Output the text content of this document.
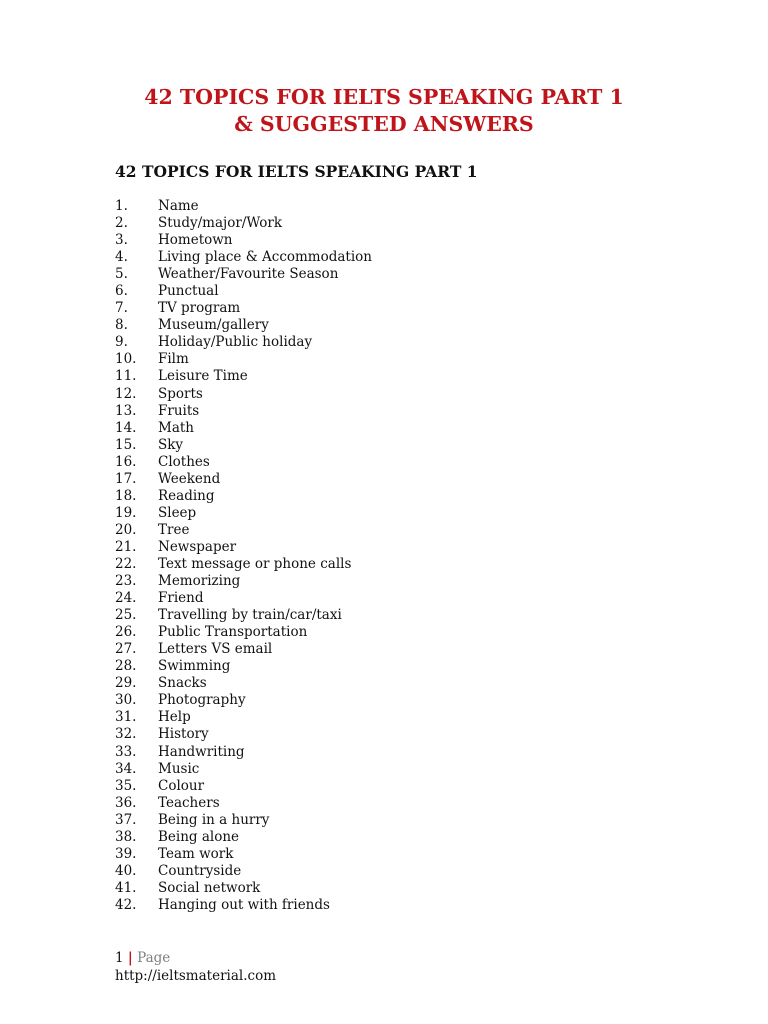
42 TOPICS FOR IELTS SPEAKING PART 1
& SUGGESTED ANSWERS
42 TOPICS FOR IELTS SPEAKING PART 1
1. Name
2. Study/major/Work
3. Hometown
4. Living place & Accommodation
5. Weather/Favourite Season
6. Punctual
7. TV program
8. Museum/gallery
9. Holiday/Public holiday
10. Film
11. Leisure Time
12. Sports
13. Fruits
14. Math
15. Sky
16. Clothes
17. Weekend
18. Reading
19. Sleep
20. Tree
21. Newspaper
22. Text message or phone calls
23. Memorizing
24. Friend
25. Travelling by train/car/taxi
26. Public Transportation
27. Letters VS email
28. Swimming
29. Snacks
30. Photography
31. Help
32. History
33. Handwriting
34. Music
35. Colour
36. Teachers
37. Being in a hurry
38. Being alone
39. Team work
40. Countryside
41. Social network
42. Hanging out with friends
1 | Page
http://ieltsmaterial.com
